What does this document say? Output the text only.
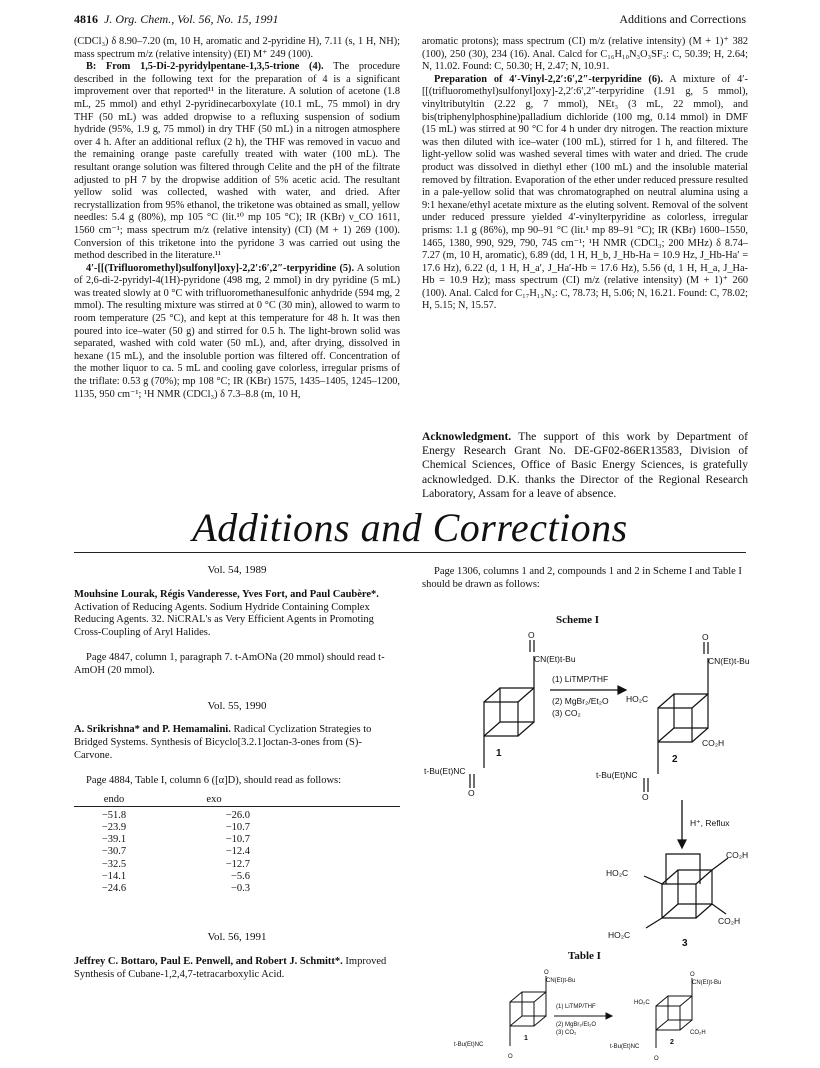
4816 J. Org. Chem., Vol. 56, No. 15, 1991	Additions and Corrections

(CDCl₃) δ 8.90–7.20 (m, 10 H, aromatic and 2-pyridine H), 7.11 (s, 1 H, NH); mass spectrum m/z (relative intensity) (EI) M⁺ 249 (100).

B: From 1,5-Di-2-pyridylpentane-1,3,5-trione (4). The procedure described in the following text for the preparation of 4 is a significant improvement over that reported¹¹ in the literature. A solution of acetone (1.8 mL, 25 mmol) and ethyl 2-pyridinecarboxylate (10.1 mL, 75 mmol) in dry THF (50 mL) was added dropwise to a refluxing suspension of sodium hydride (95%, 1.9 g, 75 mmol) in dry THF (50 mL) in a nitrogen atmosphere over 4 h. After an additional reflux (2 h), the THF was removed in vacuo and the remaining orange paste carefully treated with water (100 mL). The resultant orange solution was filtered through Celite and the pH of the filtrate adjusted to pH 7 by the dropwise addition of 5% acetic acid. The resultant yellow solid was collected, washed with water, and dried. After recrystallization from 95% ethanol, the triketone was obtained as small, yellow needles: 5.4 g (80%), mp 105 °C (lit.¹⁰ mp 105 °C); IR (KBr) ν_CO 1611, 1560 cm⁻¹; mass spectrum m/z (relative intensity) (CI) (M + 1) 269 (100). Conversion of this triketone into the pyridone 3 was carried out using the method described in the literature.¹¹

4′-[[(Trifluoromethyl)sulfonyl]oxy]-2,2′:6′,2″-terpyridine (5). A solution of 2,6-di-2-pyridyl-4(1H)-pyridone (498 mg, 2 mmol) in dry pyridine (5 mL) was treated slowly at 0 °C with trifluoromethanesulfonic anhydride (594 mg, 2 mmol). The resulting mixture was stirred at 0 °C (30 min), allowed to warm to room temperature (25 °C), and kept at this temperature for 48 h. It was then poured into ice–water (50 g) and stirred for 0.5 h. The light-brown solid was separated, washed with cold water (50 mL), and, after drying, dissolved in hexane (15 mL), and the insoluble portion was filtered off. Concentration of the mother liquor to ca. 5 mL and cooling gave colorless, irregular prisms of the triflate: 0.53 g (70%); mp 108 °C; IR (KBr) 1575, 1435–1405, 1245–1200, 1135, 950 cm⁻¹; ¹H NMR (CDCl₃) δ 7.3–8.8 (m, 10 H,

aromatic protons); mass spectrum (CI) m/z (relative intensity) (M + 1)⁺ 382 (100), 250 (30), 234 (16). Anal. Calcd for C₁₆H₁₀N₃O₃SF₃: C, 50.39; H, 2.64; N, 11.02. Found: C, 50.30; H, 2.47; N, 10.91.

Preparation of 4′-Vinyl-2,2′:6′,2″-terpyridine (6). A mixture of 4′-[[(trifluoromethyl)sulfonyl]oxy]-2,2′:6′,2″-terpyridine (1.91 g, 5 mmol), vinyltributyltin (2.22 g, 7 mmol), NEt₃ (3 mL, 22 mmol), and bis(triphenylphosphine)palladium dichloride (100 mg, 0.14 mmol) in DMF (15 mL) was stirred at 90 °C for 4 h under dry nitrogen. The reaction mixture was then diluted with ice–water (100 mL), stirred for 1 h, and filtered. The light-yellow solid was washed several times with water and dried. The crude product was dissolved in diethyl ether (100 mL) and the insoluble material removed by filtration. Evaporation of the ether under reduced pressure resulted in a pale-yellow solid that was chromatographed on neutral alumina using a 9:1 hexane/ethyl acetate mixture as the eluting solvent. Removal of the solvent under reduced pressure yielded 4′-vinylterpyridine as colorless, irregular prisms: 1.1 g (86%), mp 90–91 °C (lit.¹ mp 89–91 °C); IR (KBr) 1600–1550, 1465, 1380, 990, 929, 790, 745 cm⁻¹; ¹H NMR (CDCl₃; 200 MHz) δ 8.74–7.27 (m, 10 H, aromatic), 6.89 (dd, 1 H, H_b, J_Hb-Ha = 10.9 Hz, J_Hb-Ha′ = 17.6 Hz), 6.22 (d, 1 H, H_a′, J_Ha′-Hb = 17.6 Hz), 5.56 (d, 1 H, H_a, J_Ha-Hb = 10.9 Hz); mass spectrum (CI) m/z (relative intensity) (M + 1)⁺ 260 (100). Anal. Calcd for C₁₇H₁₃N₃: C, 78.73; H, 5.06; N, 16.21. Found: C, 78.02; H, 5.15; N, 15.57.

Acknowledgment. The support of this work by Department of Energy Research Grant No. DE-GF02-86ER13583, Division of Chemical Sciences, Office of Basic Energy Sciences, is gratefully acknowledged. D.K. thanks the Director of the Regional Research Laboratory, Assam for a leave of absence.
Additions and Corrections

Vol. 54, 1989

Mouhsine Lourak, Régis Vanderesse, Yves Fort, and Paul Caubère*. Activation of Reducing Agents. Sodium Hydride Containing Complex Reducing Agents. 32. NiCRAL's as Very Efficient Agents in Promoting Cross-Coupling of Aryl Halides.

Page 4847, column 1, paragraph 7. t-AmONa (20 mmol) should read t-AmOH (20 mmol).

Vol. 55, 1990

A. Srikrishna* and P. Hemamalini. Radical Cyclization Strategies to Bridged Systems. Synthesis of Bicyclo[3.2.1]octan-3-ones from (S)-Carvone.

Page 4884, Table I, column 6 ([α]D), should read as follows:

endo	exo	

−51.8	−26.0	
−23.9	−10.7	
−39.1	−10.7	
−30.7	−12.4	
−32.5	−12.7	
−14.1	−5.6	
−24.6	−0.3	

Vol. 56, 1991

Jeffrey C. Bottaro, Paul E. Penwell, and Robert J. Schmitt*. Improved Synthesis of Cubane-1,2,4,7-tetracarboxylic Acid.

Page 1306, columns 1 and 2, compounds 1 and 2 in Scheme I and Table I should be drawn as follows:

Scheme I
O
CN(Et)t-Bu
t-Bu(Et)NC
O
1
(1) LiTMP/THF
(2) MgBr₂/Et₂O
(3) CO₂
O
CN(Et)t-Bu
HO₂C
CO₂H
t-Bu(Et)NC
O
2
H⁺, Reflux
CO₂H
HO₂C
CO₂H
HO₂C
3
Table I
O
CN(Et)t-Bu
t-Bu(Et)NC
O
1
(1) LiTMP/THF
(2) MgBr₂/Et₂O
(3) CO₂
O
CN(Et)t-Bu
HO₂C
CO₂H
t-Bu(Et)NC
O
2
